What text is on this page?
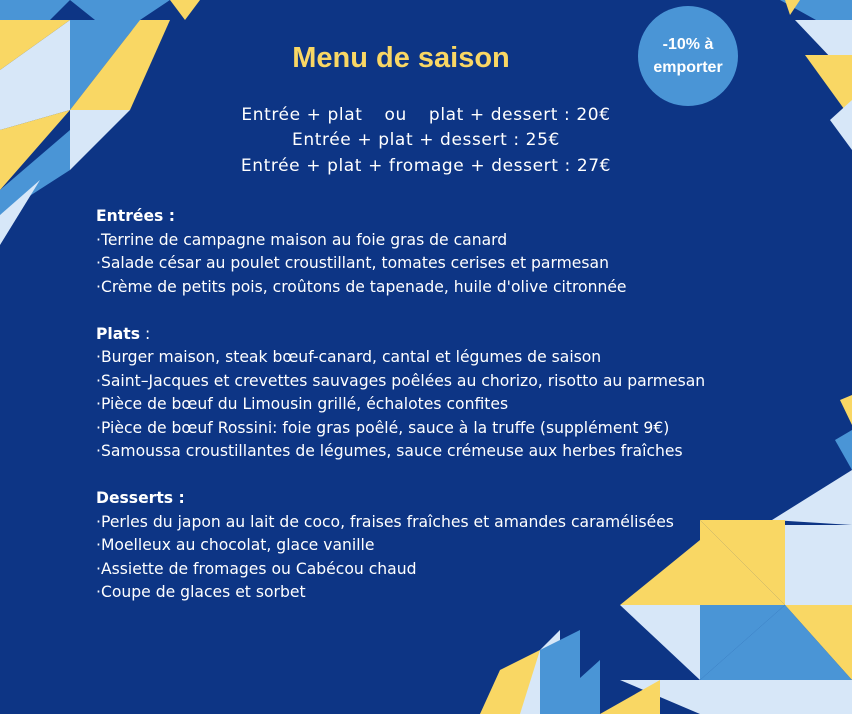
Menu de saison	-10% à
emporter
Entrée + plat ou plat + dessert : 20€
Entrée + plat + dessert : 25€
Entrée + plat + fromage + dessert : 27€

Entrées :

· Terrine de campagne maison au foie gras de canard

· Salade césar au poulet croustillant, tomates cerises et parmesan

· Crème de petits pois, croûtons de tapenade, huile d'olive citronnée

Plats :

· Burger maison, steak bœuf-canard, cantal et légumes de saison

· Saint–Jacques et crevettes sauvages poêlées au chorizo, risotto au parmesan

· Pièce de bœuf du Limousin grillé, échalotes confites

· Pièce de bœuf Rossini: foie gras poêlé, sauce à la truffe (supplément 9€)

· Samoussa croustillantes de légumes, sauce crémeuse aux herbes fraîches

Desserts :

· Perles du japon au lait de coco, fraises fraîches et amandes caramélisées

· Moelleux au chocolat, glace vanille

· Assiette de fromages ou Cabécou chaud

· Coupe de glaces et sorbet
